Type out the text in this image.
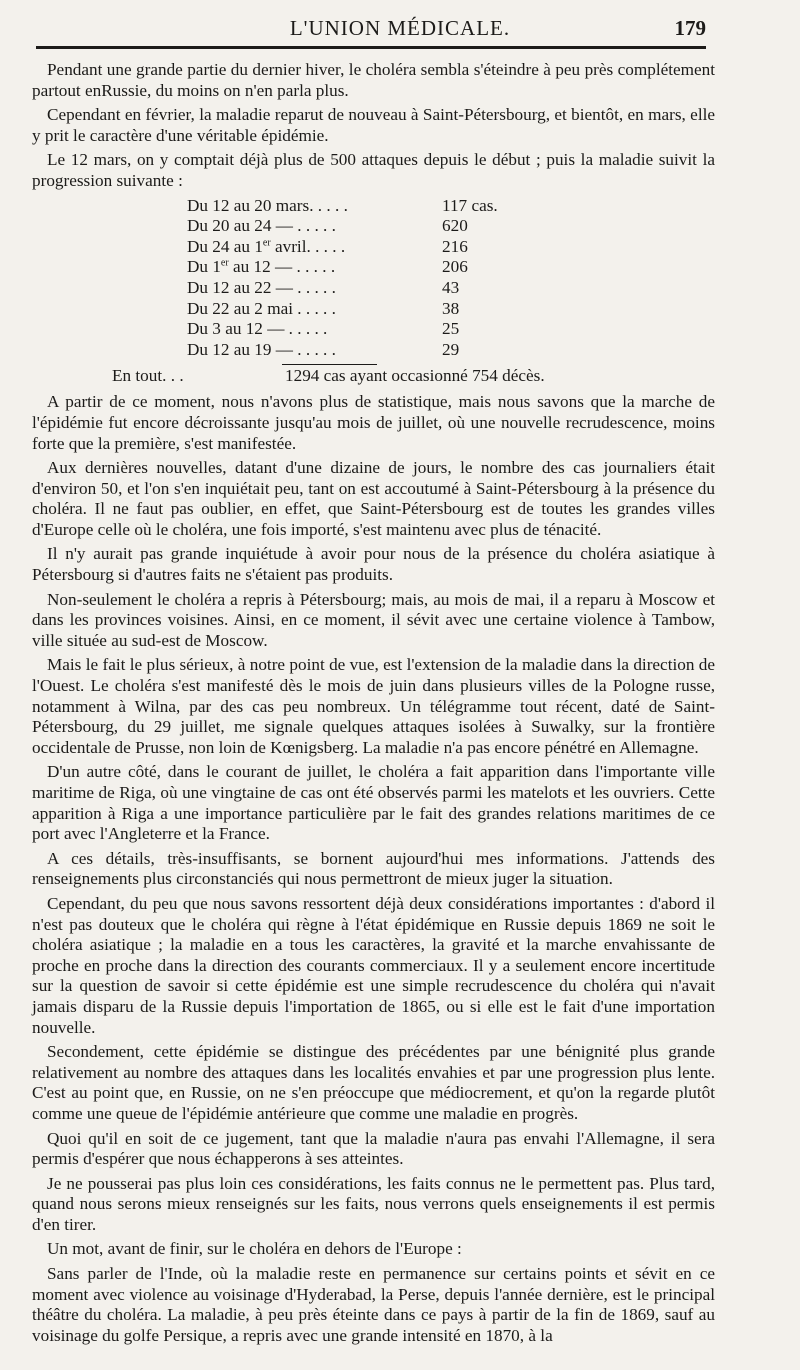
L'UNION MÉDICALE.	179

Pendant une grande partie du dernier hiver, le choléra sembla s'éteindre à peu près complétement partout enRussie, du moins on n'en parla plus.

Cependant en février, la maladie reparut de nouveau à Saint-Pétersbourg, et bientôt, en mars, elle y prit le caractère d'une véritable épidémie.

Le 12 mars, on y comptait déjà plus de 500 attaques depuis le début ; puis la maladie suivit la progression suivante :

Du 12 au 20 mars. . . . .	117 cas.
Du 20 au 24 — . . . . .	620
Du 24 au 1er avril. . . . .	216
Du 1er au 12 — . . . . .	206
Du 12 au 22 — . . . . .	43
Du 22 au 2 mai . . . . .	38
Du 3 au 12 — . . . . .	25
Du 12 au 19 — . . . . .	29
En tout. . .	1294 cas ayant occasionné 754 décès.

A partir de ce moment, nous n'avons plus de statistique, mais nous savons que la marche de l'épidémie fut encore décroissante jusqu'au mois de juillet, où une nouvelle recrudescence, moins forte que la première, s'est manifestée.

Aux dernières nouvelles, datant d'une dizaine de jours, le nombre des cas journaliers était d'environ 50, et l'on s'en inquiétait peu, tant on est accoutumé à Saint-Pétersbourg à la présence du choléra. Il ne faut pas oublier, en effet, que Saint-Pétersbourg est de toutes les grandes villes d'Europe celle où le choléra, une fois importé, s'est maintenu avec plus de ténacité.

Il n'y aurait pas grande inquiétude à avoir pour nous de la présence du choléra asiatique à Pétersbourg si d'autres faits ne s'étaient pas produits.

Non-seulement le choléra a repris à Pétersbourg; mais, au mois de mai, il a reparu à Moscow et dans les provinces voisines. Ainsi, en ce moment, il sévit avec une certaine violence à Tambow, ville située au sud-est de Moscow.

Mais le fait le plus sérieux, à notre point de vue, est l'extension de la maladie dans la direction de l'Ouest. Le choléra s'est manifesté dès le mois de juin dans plusieurs villes de la Pologne russe, notamment à Wilna, par des cas peu nombreux. Un télégramme tout récent, daté de Saint-Pétersbourg, du 29 juillet, me signale quelques attaques isolées à Suwalky, sur la frontière occidentale de Prusse, non loin de Kœnigsberg. La maladie n'a pas encore pénétré en Allemagne.

D'un autre côté, dans le courant de juillet, le choléra a fait apparition dans l'importante ville maritime de Riga, où une vingtaine de cas ont été observés parmi les matelots et les ouvriers. Cette apparition à Riga a une importance particulière par le fait des grandes relations maritimes de ce port avec l'Angleterre et la France.

A ces détails, très-insuffisants, se bornent aujourd'hui mes informations. J'attends des renseignements plus circonstanciés qui nous permettront de mieux juger la situation.

Cependant, du peu que nous savons ressortent déjà deux considérations importantes : d'abord il n'est pas douteux que le choléra qui règne à l'état épidémique en Russie depuis 1869 ne soit le choléra asiatique ; la maladie en a tous les caractères, la gravité et la marche envahissante de proche en proche dans la direction des courants commerciaux. Il y a seulement encore incertitude sur la question de savoir si cette épidémie est une simple recrudescence du choléra qui n'avait jamais disparu de la Russie depuis l'importation de 1865, ou si elle est le fait d'une importation nouvelle.

Secondement, cette épidémie se distingue des précédentes par une bénignité plus grande relativement au nombre des attaques dans les localités envahies et par une progression plus lente. C'est au point que, en Russie, on ne s'en préoccupe que médiocrement, et qu'on la regarde plutôt comme une queue de l'épidémie antérieure que comme une maladie en progrès.

Quoi qu'il en soit de ce jugement, tant que la maladie n'aura pas envahi l'Allemagne, il sera permis d'espérer que nous échapperons à ses atteintes.

Je ne pousserai pas plus loin ces considérations, les faits connus ne le permettent pas. Plus tard, quand nous serons mieux renseignés sur les faits, nous verrons quels enseignements il est permis d'en tirer.

Un mot, avant de finir, sur le choléra en dehors de l'Europe :

Sans parler de l'Inde, où la maladie reste en permanence sur certains points et sévit en ce moment avec violence au voisinage d'Hyderabad, la Perse, depuis l'année dernière, est le principal théâtre du choléra. La maladie, à peu près éteinte dans ce pays à partir de la fin de 1869, sauf au voisinage du golfe Persique, a repris avec une grande intensité en 1870, à la
